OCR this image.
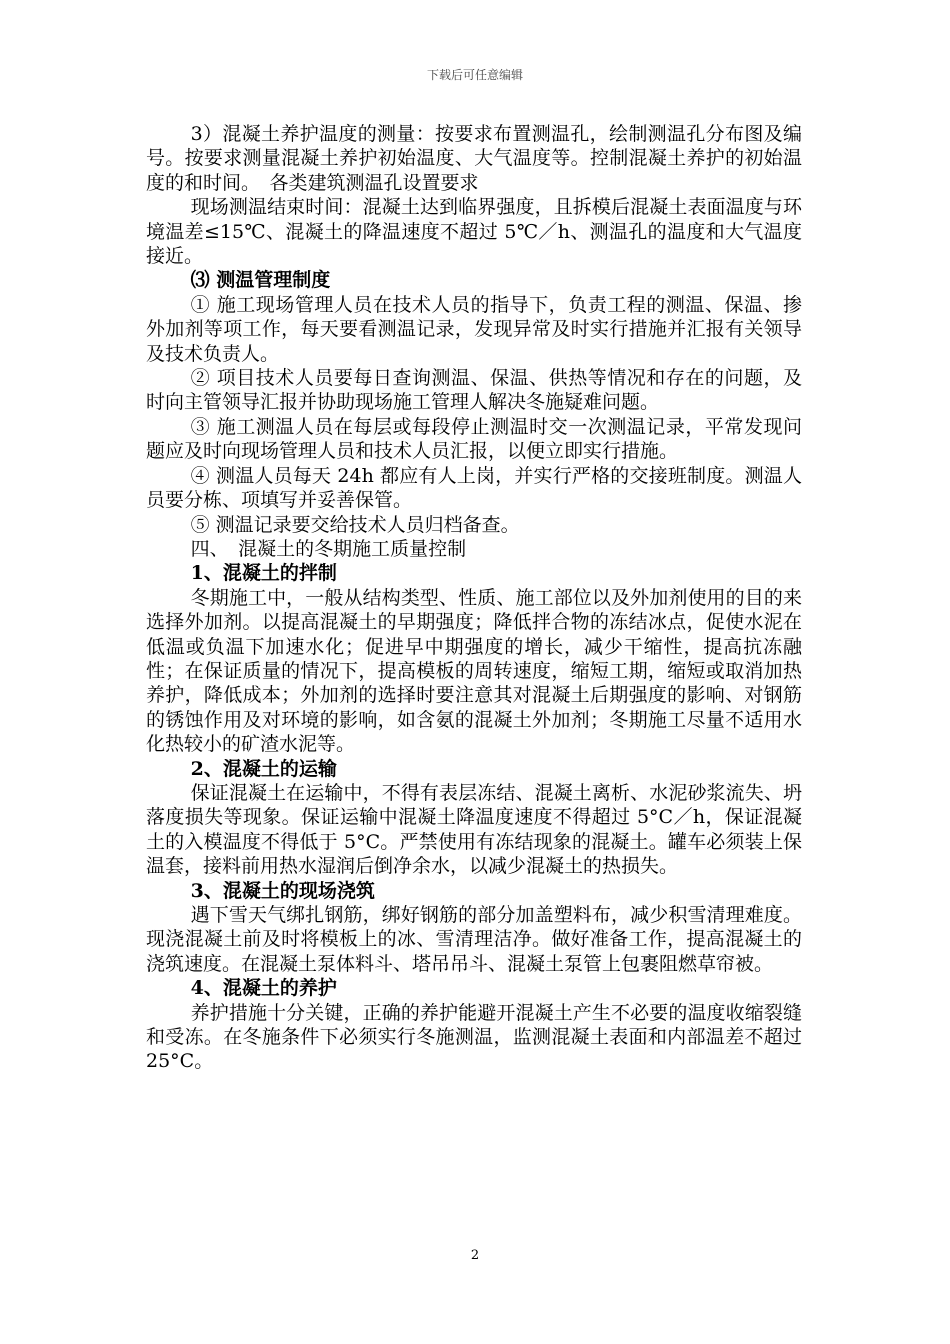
下载后可任意编辑

3）混凝土养护温度的测量：按要求布置测温孔，绘制测温孔分布图及编号。按要求测量混凝土养护初始温度、大气温度等。控制混凝土养护的初始温度的和时间。　各类建筑测温孔设置要求

现场测温结束时间：混凝土达到临界强度，且拆模后混凝土表面温度与环境温差≤15℃、混凝土的降温速度不超过 5℃／h、测温孔的温度和大气温度接近。

⑶ 测温管理制度

① 施工现场管理人员在技术人员的指导下，负责工程的测温、保温、掺外加剂等项工作，每天要看测温记录，发现异常及时实行措施并汇报有关领导及技术负责人。

② 项目技术人员要每日查询测温、保温、供热等情况和存在的问题，及时向主管领导汇报并协助现场施工管理人解决冬施疑难问题。

③ 施工测温人员在每层或每段停止测温时交一次测温记录，平常发现问题应及时向现场管理人员和技术人员汇报，以便立即实行措施。

④ 测温人员每天 24h 都应有人上岗，并实行严格的交接班制度。测温人员要分栋、项填写并妥善保管。

⑤ 测温记录要交给技术人员归档备查。

四、　混凝土的冬期施工质量控制

1、混凝土的拌制

冬期施工中，一般从结构类型、性质、施工部位以及外加剂使用的目的来选择外加剂。以提高混凝土的早期强度；降低拌合物的冻结冰点，促使水泥在低温或负温下加速水化；促进早中期强度的增长，减少干缩性，提高抗冻融性；在保证质量的情况下，提高模板的周转速度，缩短工期，缩短或取消加热养护，降低成本；外加剂的选择时要注意其对混凝土后期强度的影响、对钢筋的锈蚀作用及对环境的影响，如含氨的混凝土外加剂；冬期施工尽量不适用水化热较小的矿渣水泥等。

2、混凝土的运输

保证混凝土在运输中，不得有表层冻结、混凝土离析、水泥砂浆流失、坍落度损失等现象。保证运输中混凝土降温度速度不得超过 5°C／h，保证混凝土的入模温度不得低于 5°C。严禁使用有冻结现象的混凝土。罐车必须装上保温套，接料前用热水湿润后倒净余水，以减少混凝土的热损失。

3、混凝土的现场浇筑

遇下雪天气绑扎钢筋，绑好钢筋的部分加盖塑料布，减少积雪清理难度。现浇混凝土前及时将模板上的冰、雪清理洁净。做好准备工作，提高混凝土的浇筑速度。在混凝土泵体料斗、塔吊吊斗、混凝土泵管上包裹阻燃草帘被。

4、混凝土的养护

养护措施十分关键，正确的养护能避开混凝土产生不必要的温度收缩裂缝和受冻。在冬施条件下必须实行冬施测温，监测混凝土表面和内部温差不超过 25°C。

2
